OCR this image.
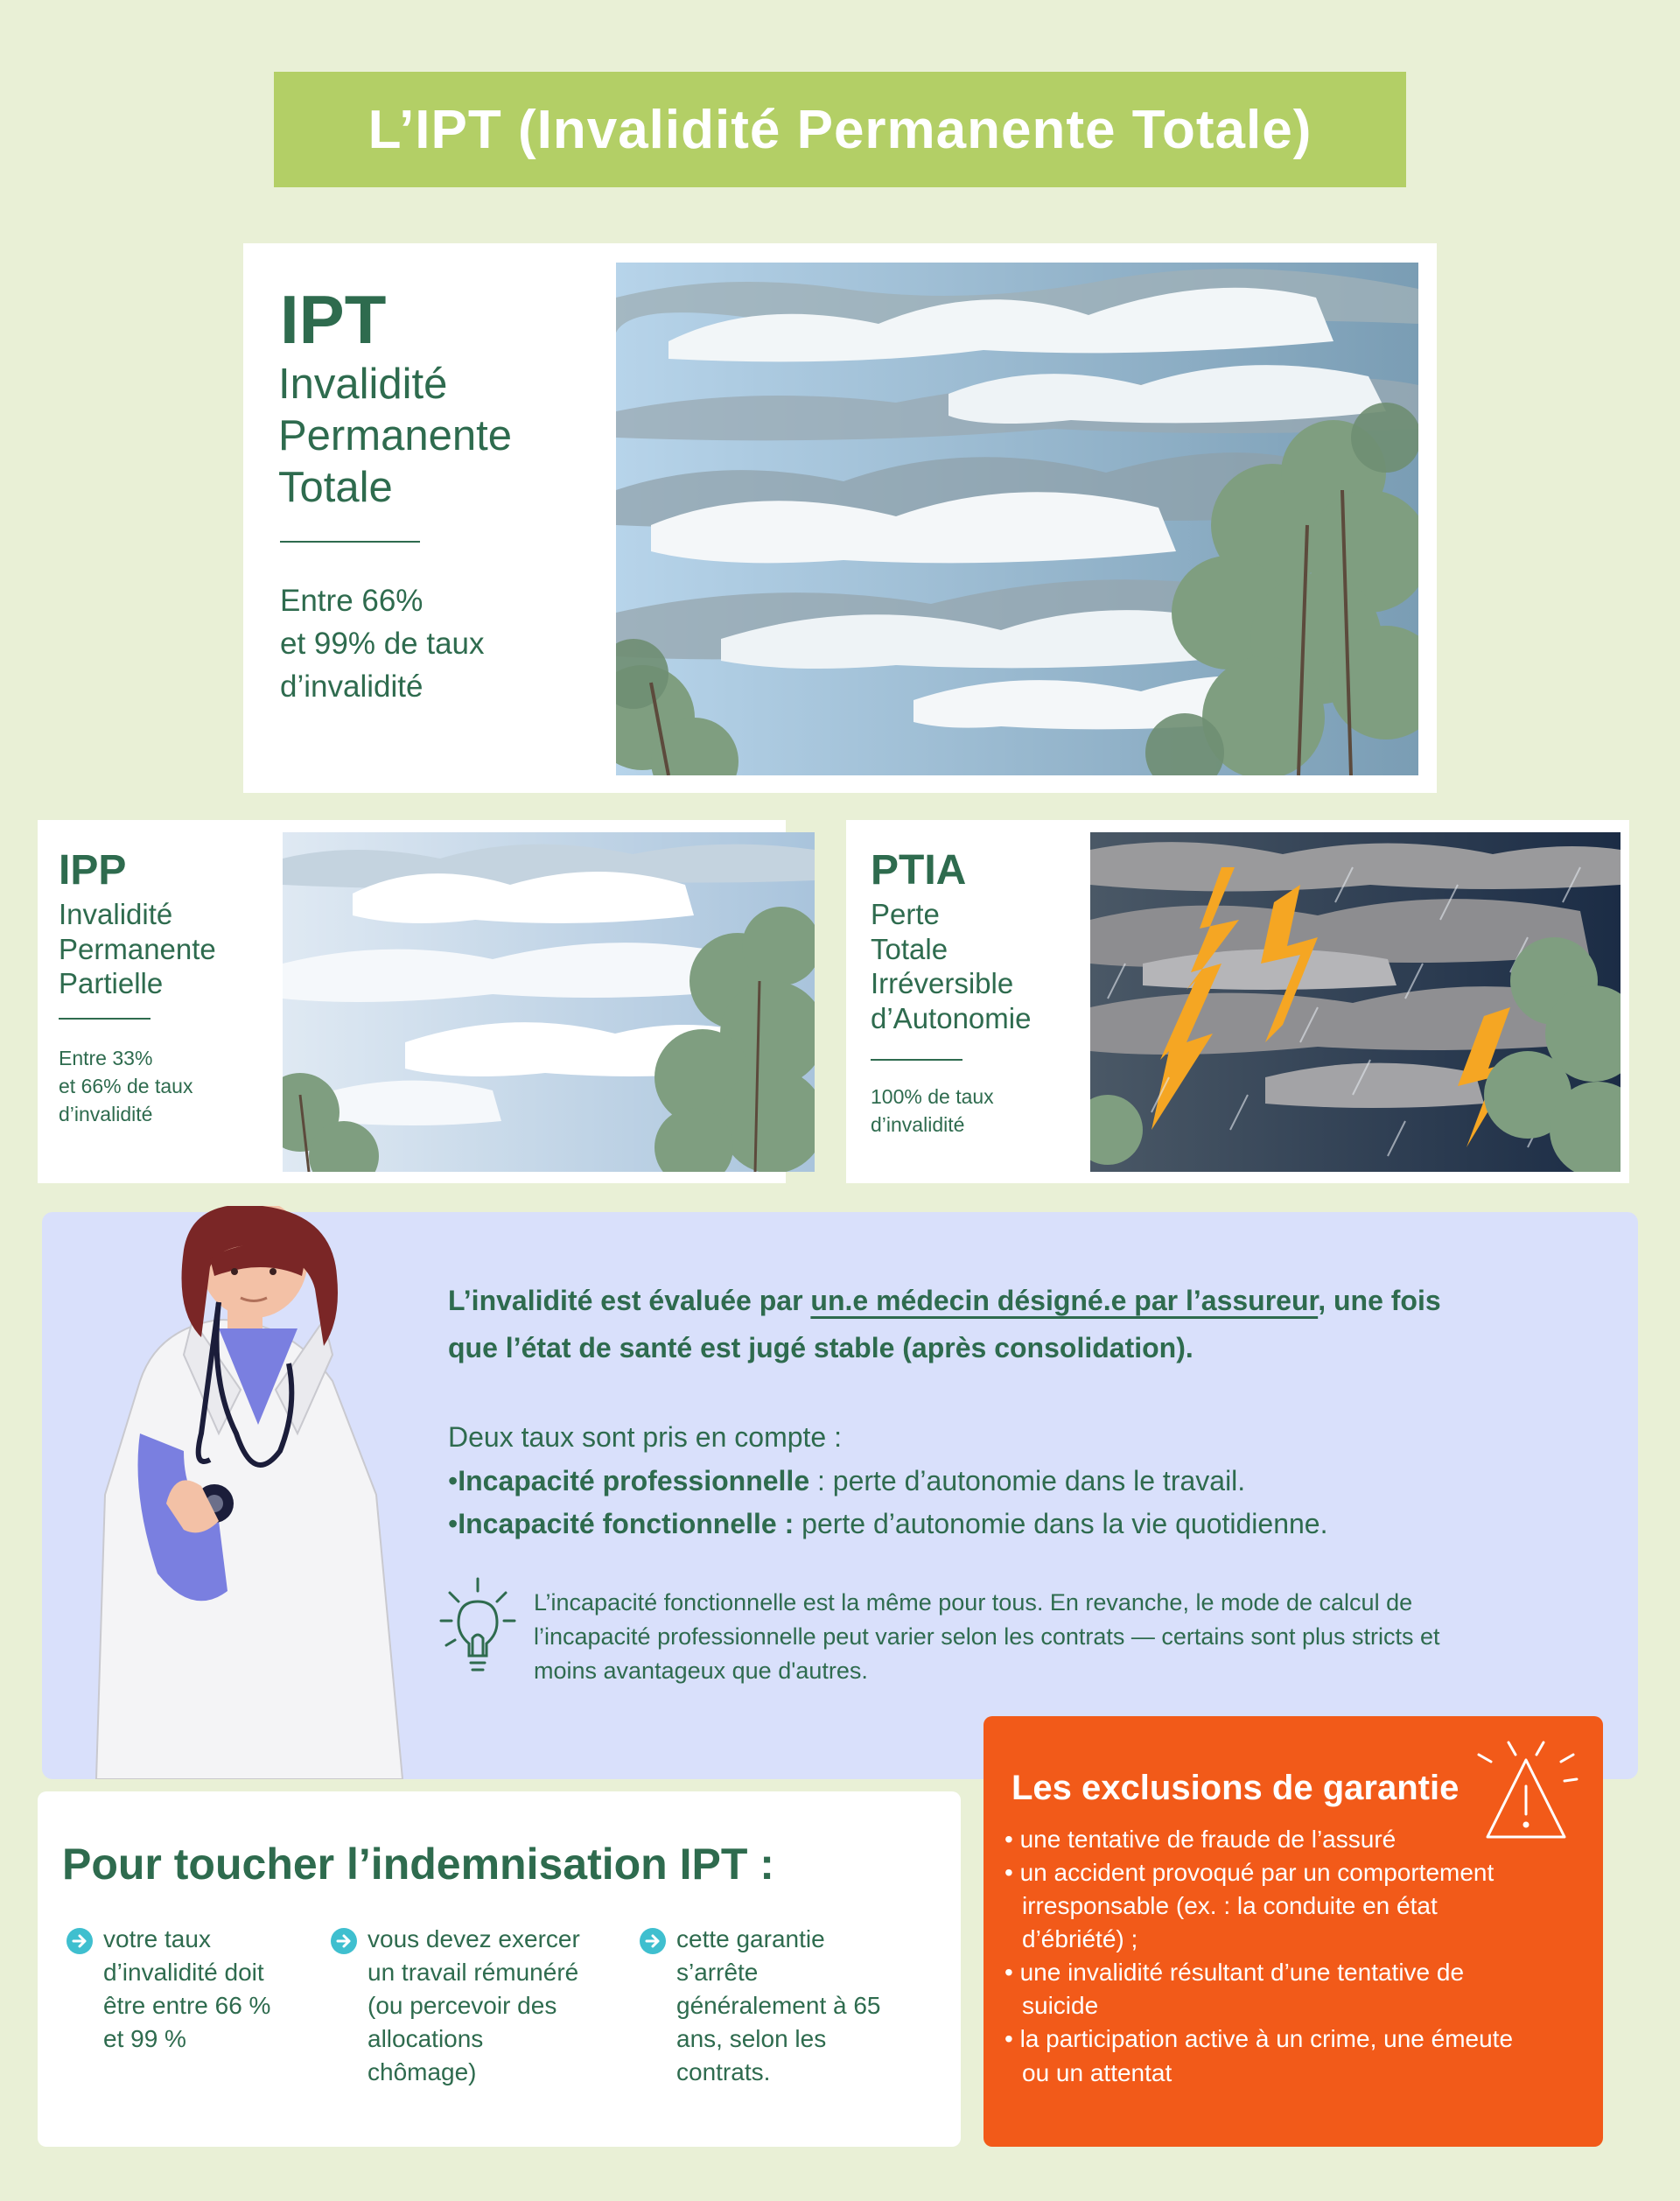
L’IPT (Invalidité Permanente Totale)
IPT
Invalidité
Permanente
Totale
Entre 66%
et 99% de taux
d’invalidité
IPP
Invalidité
Permanente
Partielle
Entre 33%
et 66% de taux
d’invalidité
PTIA
Perte
Totale
Irréversible
d’Autonomie
100% de taux
d’invalidité
L’invalidité est évaluée par un.e médecin désigné.e par l’assureur, une fois
que l’état de santé est jugé stable (après consolidation).
Deux taux sont pris en compte :
•Incapacité professionnelle : perte d’autonomie dans le travail.
•Incapacité fonctionnelle : perte d’autonomie dans la vie quotidienne.
L’incapacité fonctionnelle est la même pour tous. En revanche, le mode de calcul de
l’incapacité professionnelle peut varier selon les contrats — certains sont plus stricts et
moins avantageux que d'autres.
Pour toucher l’indemnisation IPT :
votre taux
d’invalidité doit
être entre 66 %
et 99 %
vous devez exercer
un travail rémunéré
(ou percevoir des
allocations
chômage)
cette garantie
s’arrête
généralement à 65
ans, selon les
contrats.
Les exclusions de garantie
• une tentative de fraude de l’assuré
• un accident provoqué par un comportement
irresponsable (ex. : la conduite en état
d’ébriété) ;
• une invalidité résultant d’une tentative de
suicide
• la participation active à un crime, une émeute
ou un attentat
